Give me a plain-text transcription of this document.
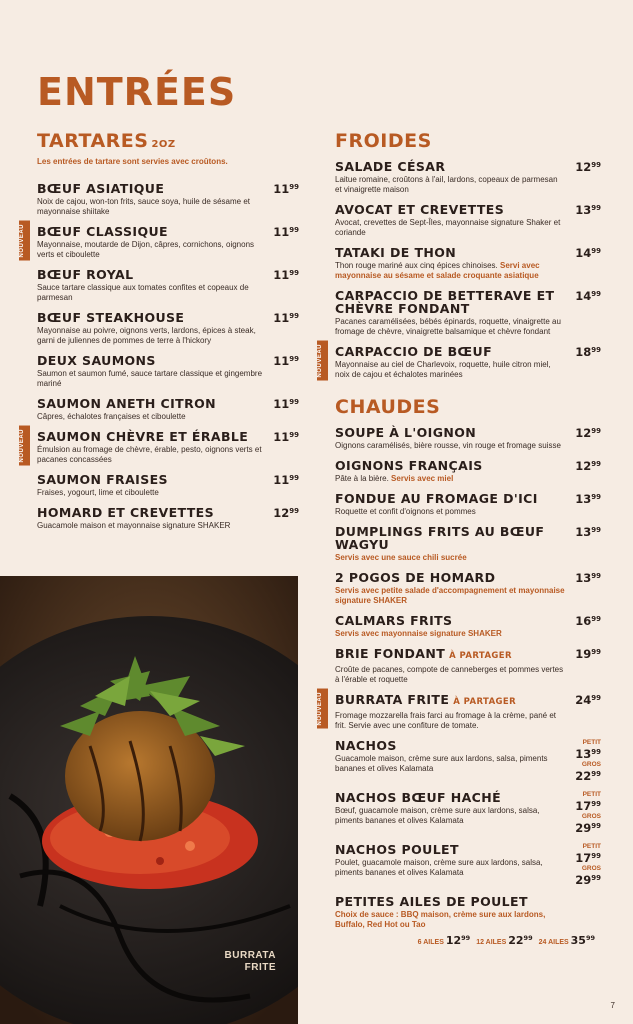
ENTRÉES
TARTARES 2OZ
Les entrées de tartare sont servies avec croûtons.
BŒUF ASIATIQUE
Noix de cajou, won-ton frits, sauce soya, huile de sésame et mayonnaise shiitake
$11^{99}$
BŒUF CLASSIQUE
Mayonnaise, moutarde de Dijon, câpres, cornichons, oignons verts et ciboulette
$11^{99}$
NOUVEAU
BŒUF ROYAL
Sauce tartare classique aux tomates confites et copeaux de parmesan
$11^{99}$
BŒUF STEAKHOUSE
Mayonnaise au poivre, oignons verts, lardons, épices à steak, garni de juliennes de pommes de terre à l'hickory
$11^{99}$
DEUX SAUMONS
Saumon et saumon fumé, sauce tartare classique et gingembre mariné
$11^{99}$
SAUMON ANETH CITRON
Câpres, échalotes françaises et ciboulette
$11^{99}$
SAUMON CHÈVRE ET ÉRABLE
Émulsion au fromage de chèvre, érable, pesto, oignons verts et pacanes concassées
$11^{99}$
NOUVEAU
SAUMON FRAISES
Fraises, yogourt, lime et ciboulette
$11^{99}$
HOMARD ET CREVETTES
Guacamole maison et mayonnaise signature SHAKER
$12^{99}$
BURRATA
FRITE
FROIDES
SALADE CÉSAR
Laitue romaine, croûtons à l'ail, lardons, copeaux de parmesan et vinaigrette maison
$12^{99}$
AVOCAT ET CREVETTES
Avocat, crevettes de Sept-Îles, mayonnaise signature Shaker et coriande
$13^{99}$
TATAKI DE THON
Thon rouge mariné aux cinq épices chinoises. Servi avec mayonnaise au sésame et salade croquante asiatique
$14^{99}$
CARPACCIO DE BETTERAVE ET CHÈVRE FONDANT
Pacanes caramélisées, bébés épinards, roquette, vinaigrette au fromage de chèvre, vinaigrette balsamique et chèvre fondant
$14^{99}$
CARPACCIO DE BŒUF
Mayonnaise au ciel de Charlevoix, roquette, huile citron miel, noix de cajou et échalotes marinées
$18^{99}$
NOUVEAU
CHAUDES
SOUPE À L'OIGNON
Oignons caramélisés, bière rousse, vin rouge et fromage suisse
$12^{99}$
OIGNONS FRANÇAIS
Pâte à la bière. Servis avec miel
$12^{99}$
FONDUE AU FROMAGE D'ICI
Roquette et confit d'oignons et pommes
$13^{99}$
DUMPLINGS FRITS AU BŒUF WAGYU
Servis avec une sauce chili sucrée
$13^{99}$
2 POGOS DE HOMARD
Servis avec petite salade d'accompagnement et mayonnaise signature SHAKER
$13^{99}$
CALMARS FRITS
Servis avec mayonnaise signature SHAKER
$16^{99}$
BRIE FONDANT À PARTAGER
Croûte de pacanes, compote de canneberges et pommes vertes à l'érable et roquette
$19^{99}$
BURRATA FRITE À PARTAGER
Fromage mozzarella frais farci au fromage à la crème, pané et frit. Servie avec une confiture de tomate.
$24^{99}$
NOUVEAU
NACHOS
Guacamole maison, crème sure aux lardons, salsa, piments bananes et olives Kalamata
PETIT
$13^{99}$
GROS
$22^{99}$
NACHOS BŒUF HACHÉ
Bœuf, guacamole maison, crème sure aux lardons, salsa, piments bananes et olives Kalamata
PETIT
$17^{99}$
GROS
$29^{99}$
NACHOS POULET
Poulet, guacamole maison, crème sure aux lardons, salsa, piments bananes et olives Kalamata
PETIT
$17^{99}$
GROS
$29^{99}$
PETITES AILES DE POULET
Choix de sauce : BBQ maison, crème sure aux lardons, Buffalo, Red Hot ou Tao
6 AILES $12^{99}12$ AILES $22^{99}24$ AILES $35^{99}$
7
